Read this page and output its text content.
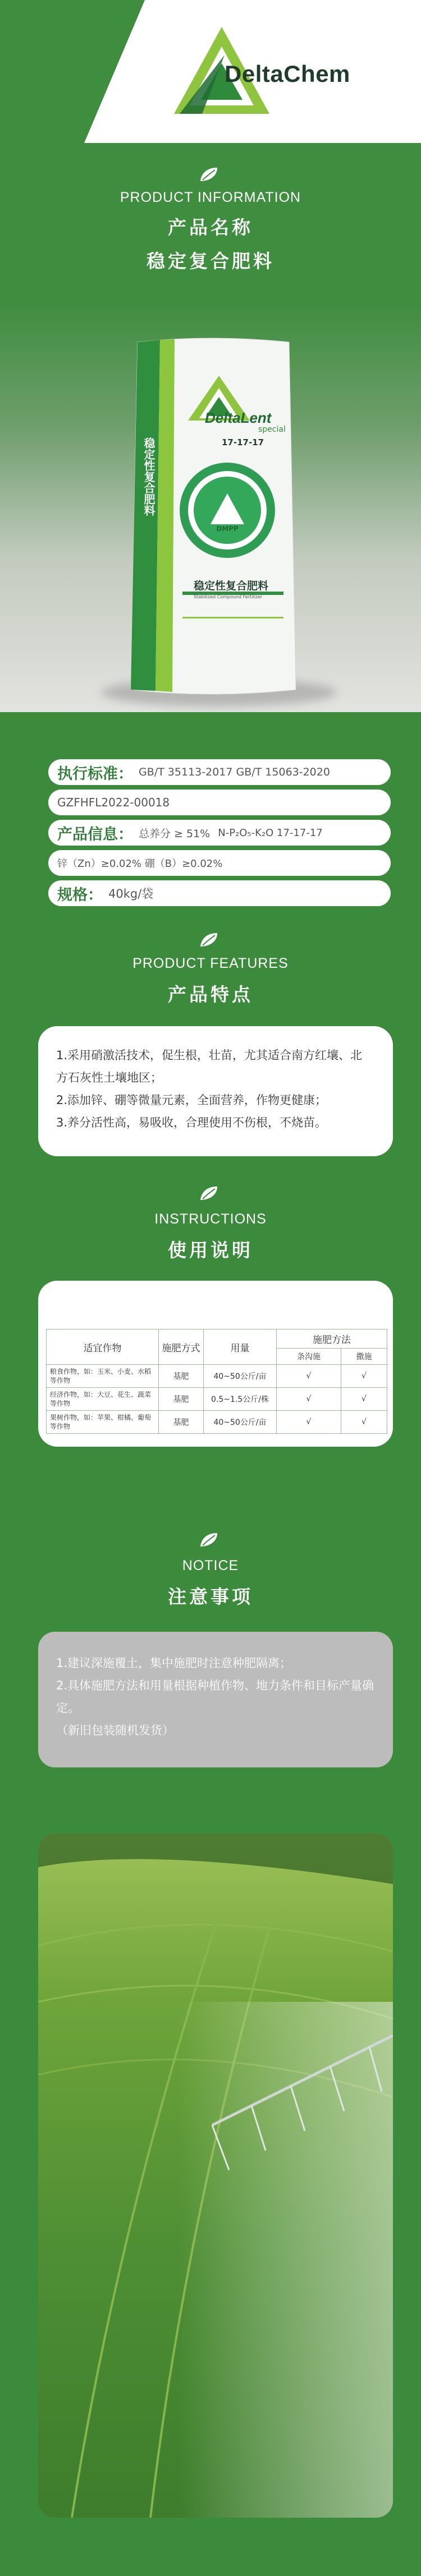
DeltaChem
PRODUCT INFORMATION
产品名称
稳定复合肥料
DeltaLent
special
17-17-17
DMPP
稳定性复合肥料
Stabilized Compound Fertilizer
稳定性复合肥料
执行标准： GB/T 35113-2017 GB/T 15063-2020
GZFHFL2022-00018
产品信息： 总养分 ≥ 51% N-P₂O₅-K₂O 17-17-17
锌（Zn）≥0.02% 硼（B）≥0.02%
规格： 40kg/袋
PRODUCT FEATURES
产品特点
1.采用硝激活技术，促生根，壮苗，尤其适合南方红壤、北方石灰性土壤地区；
2.添加锌、硼等微量元素，全面营养，作物更健康；
3.养分活性高，易吸收，合理使用不伤根，不烧苗。
INSTRUCTIONS
使用说明
适宜作物	施肥方式	用量	施肥方法	
			条沟施	撒施
粮食作物，如：玉米、小麦、水稻等作物	基肥	40~50公斤/亩	√	√
经济作物，如：大豆、花生、蔬菜等作物	基肥	0.5~1.5公斤/株	√	√
果树作物，如：苹果、柑橘、葡萄等作物	基肥	40~50公斤/亩	√	√
NOTICE
注意事项
1.建议深施覆土，集中施肥时注意种肥隔离；
2.具体施肥方法和用量根据种植作物、地力条件和目标产量确定。
（新旧包装随机发货）
